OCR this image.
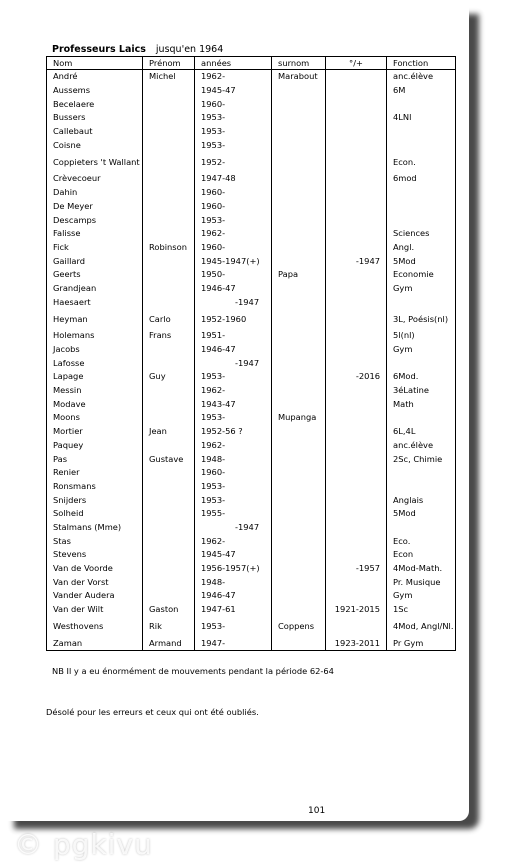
Professeurs Laics jusqu'en 1964
Nom	Prénom	années	surnom	°/+	Fonction
André	Michel	1962-	Marabout		anc.élève
Aussems		1945-47			6M
Becelaere		1960-			
Bussers		1953-			4LNl
Callebaut		1953-			
Coisne		1953-			
Coppieters 't Wallant		1952-			Econ.
Crèvecoeur		1947-48			6mod
Dahin		1960-			
De Meyer		1960-			
Descamps		1953-			
Falisse		1962-			Sciences
Fick	Robinson	1960-			Angl.
Gaillard		1945-1947(+)		-1947	5Mod
Geerts		1950-	Papa		Economie
Grandjean		1946-47			Gym
Haesaert		-1947			
Heyman	Carlo	1952-1960			3L, Poésis(nl)
Holemans	Frans	1951-			5l(nl)
Jacobs		1946-47			Gym
Lafosse		-1947			
Lapage	Guy	1953-		-2016	6Mod.
Messin		1962-			3éLatine
Modave		1943-47			Math
Moons		1953-	Mupanga		
Mortier	Jean	1952-56 ?			6L,4L
Paquey		1962-			anc.élève
Pas	Gustave	1948-			2Sc, Chimie
Renier		1960-			
Ronsmans		1953-			
Snijders		1953-			Anglais
Solheid		1955-			5Mod
Stalmans (Mme)		-1947			
Stas		1962-			Eco.
Stevens		1945-47			Econ
Van de Voorde		1956-1957(+)		-1957	4Mod-Math.
Van der Vorst		1948-			Pr. Musique
Vander Audera		1946-47			Gym
Van der Wilt	Gaston	1947-61		1921-2015	1Sc
Westhovens	Rik	1953-	Coppens		4Mod, Angl/Nl.
Zaman	Armand	1947-		1923-2011	Pr Gym
NB Il y a eu énormément de mouvements pendant la période 62-64
Désolé pour les erreurs et ceux qui ont été oubliés.
101
© pgkivu
